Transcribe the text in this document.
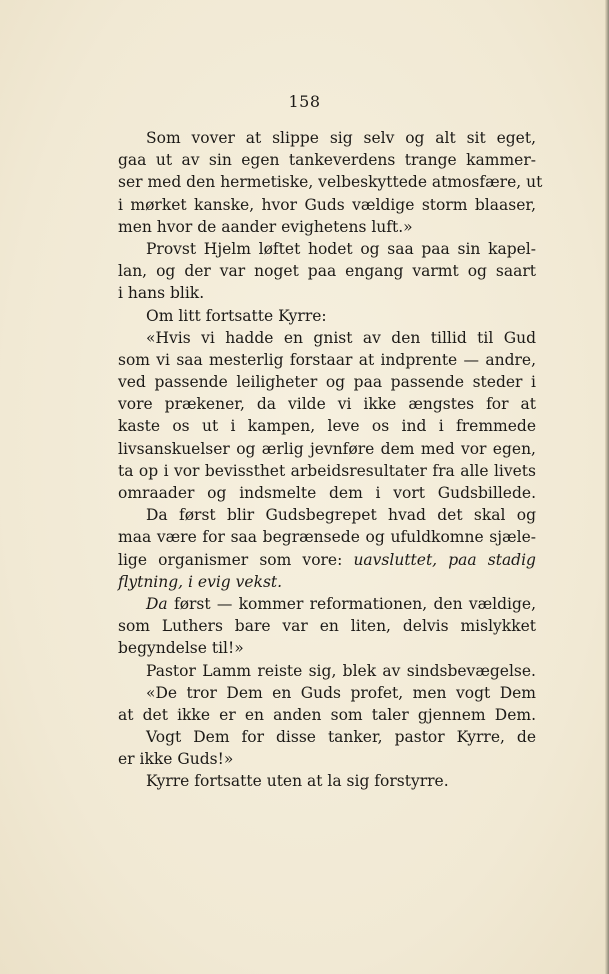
158
Som vover at slippe sig selv og alt sit eget,
gaa ut av sin egen tankeverdens trange kammer-
ser med den hermetiske, velbeskyttede atmosfære, ut
i mørket kanske, hvor Guds vældige storm blaaser,
men hvor de aander evighetens luft.»
Provst Hjelm løftet hodet og saa paa sin kapel-
lan, og der var noget paa engang varmt og saart
i hans blik.
Om litt fortsatte Kyrre:
«Hvis vi hadde en gnist av den tillid til Gud
som vi saa mesterlig forstaar at indprente — andre,
ved passende leiligheter og paa passende steder i
vore prækener, da vilde vi ikke ængstes for at
kaste os ut i kampen, leve os ind i fremmede
livsanskuelser og ærlig jevnføre dem med vor egen,
ta op i vor bevissthet arbeidsresultater fra alle livets
omraader og indsmelte dem i vort Gudsbillede.
Da først blir Gudsbegrepet hvad det skal og
maa være for saa begrænsede og ufuldkomne sjæle-
lige organismer som vore: uavsluttet, paa stadig
flytning, i evig vekst.
Da først — kommer reformationen, den vældige,
som Luthers bare var en liten, delvis mislykket
begyndelse til!»
Pastor Lamm reiste sig, blek av sindsbevægelse.
«De tror Dem en Guds profet, men vogt Dem
at det ikke er en anden som taler gjennem Dem.
Vogt Dem for disse tanker, pastor Kyrre, de
er ikke Guds!»
Kyrre fortsatte uten at la sig forstyrre.
